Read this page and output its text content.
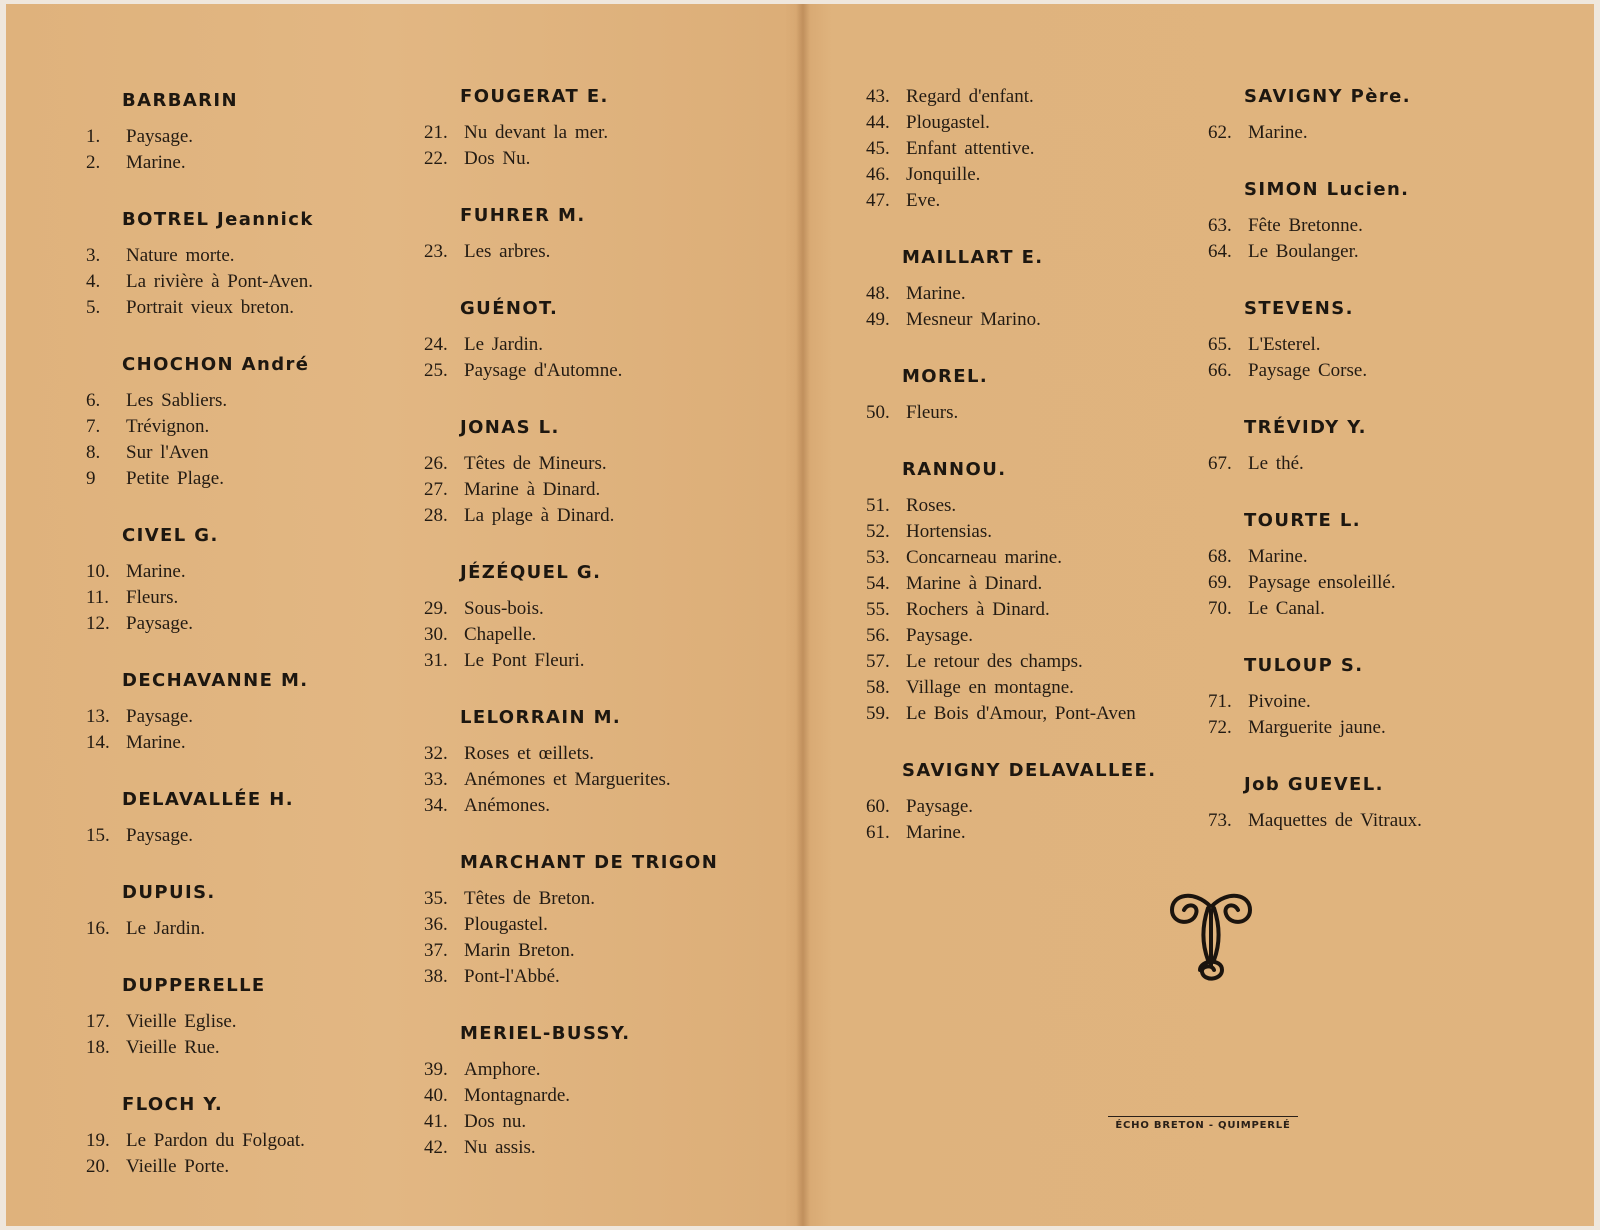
BARBARIN
1. Paysage.
2. Marine.
BOTREL Jeannick
3. Nature morte.
4. La rivière à Pont-Aven.
5. Portrait vieux breton.
CHOCHON André
6. Les Sabliers.
7. Trévignon.
8. Sur l'Aven
9 Petite Plage.
CIVEL G.
10. Marine.
11. Fleurs.
12. Paysage.
DECHAVANNE M.
13. Paysage.
14. Marine.
DELAVALLÉE H.
15. Paysage.
DUPUIS.
16. Le Jardin.
DUPPERELLE
17. Vieille Eglise.
18. Vieille Rue.
FLOCH Y.
19. Le Pardon du Folgoat.
20. Vieille Porte.
FOUGERAT E.
21. Nu devant la mer.
22. Dos Nu.
FUHRER M.
23. Les arbres.
GUÉNOT.
24. Le Jardin.
25. Paysage d'Automne.
JONAS L.
26. Têtes de Mineurs.
27. Marine à Dinard.
28. La plage à Dinard.
JÉZÉQUEL G.
29. Sous-bois.
30. Chapelle.
31. Le Pont Fleuri.
LELORRAIN M.
32. Roses et œillets.
33. Anémones et Marguerites.
34. Anémones.
MARCHANT DE TRIGON
35. Têtes de Breton.
36. Plougastel.
37. Marin Breton.
38. Pont-l'Abbé.
MERIEL-BUSSY.
39. Amphore.
40. Montagnarde.
41. Dos nu.
42. Nu assis.
43. Regard d'enfant.
44. Plougastel.
45. Enfant attentive.
46. Jonquille.
47. Eve.
MAILLART E.
48. Marine.
49. Mesneur Marino.
MOREL.
50. Fleurs.
RANNOU.
51. Roses.
52. Hortensias.
53. Concarneau marine.
54. Marine à Dinard.
55. Rochers à Dinard.
56. Paysage.
57. Le retour des champs.
58. Village en montagne.
59. Le Bois d'Amour, Pont-Aven
SAVIGNY DELAVALLEE.
60. Paysage.
61. Marine.
SAVIGNY Père.
62. Marine.
SIMON Lucien.
63. Fête Bretonne.
64. Le Boulanger.
STEVENS.
65. L'Esterel.
66. Paysage Corse.
TRÉVIDY Y.
67. Le thé.
TOURTE L.
68. Marine.
69. Paysage ensoleillé.
70. Le Canal.
TULOUP S.
71. Pivoine.
72. Marguerite jaune.
Job GUEVEL.
73. Maquettes de Vitraux.
ÉCHO BRETON - QUIMPERLÉ
